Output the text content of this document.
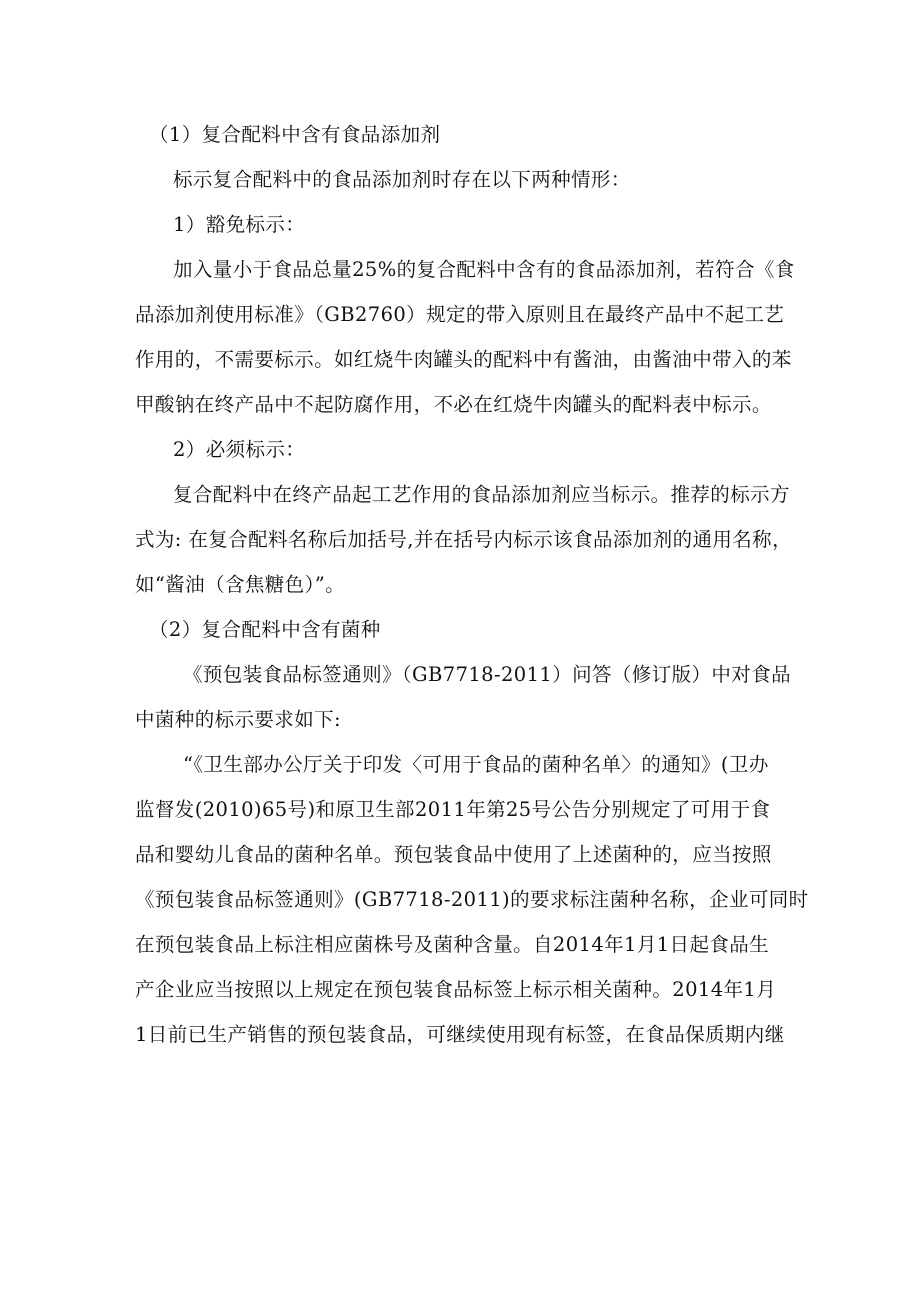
（1）复合配料中含有食品添加剂

标示复合配料中的食品添加剂时存在以下两种情形：

1）豁免标示：

加入量小于食品总量25%的复合配料中含有的食品添加剂，若符合《食

品添加剂使用标准》（GB2760）规定的带入原则且在最终产品中不起工艺

作用的，不需要标示。如红烧牛肉罐头的配料中有酱油，由酱油中带入的苯

甲酸钠在终产品中不起防腐作用，不必在红烧牛肉罐头的配料表中标示。

2）必须标示：

复合配料中在终产品起工艺作用的食品添加剂应当标示。推荐的标示方

式为: 在复合配料名称后加括号,并在括号内标示该食品添加剂的通用名称，

如“酱油（含焦糖色）”。

（2）复合配料中含有菌种

《预包装食品标签通则》（GB7718-2011）问答（修订版）中对食品

中菌种的标示要求如下:

“《卫生部办公厅关于印发〈可用于食品的菌种名单〉的通知》(卫办

监督发(2010)65号)和原卫生部2011年第25号公告分别规定了可用于食

品和婴幼儿食品的菌种名单。预包装食品中使用了上述菌种的，应当按照

《预包装食品标签通则》(GB7718-2011)的要求标注菌种名称，企业可同时

在预包装食品上标注相应菌株号及菌种含量。自2014年1月1日起食品生

产企业应当按照以上规定在预包装食品标签上标示相关菌种。2014年1月

1日前已生产销售的预包装食品，可继续使用现有标签，在食品保质期内继
